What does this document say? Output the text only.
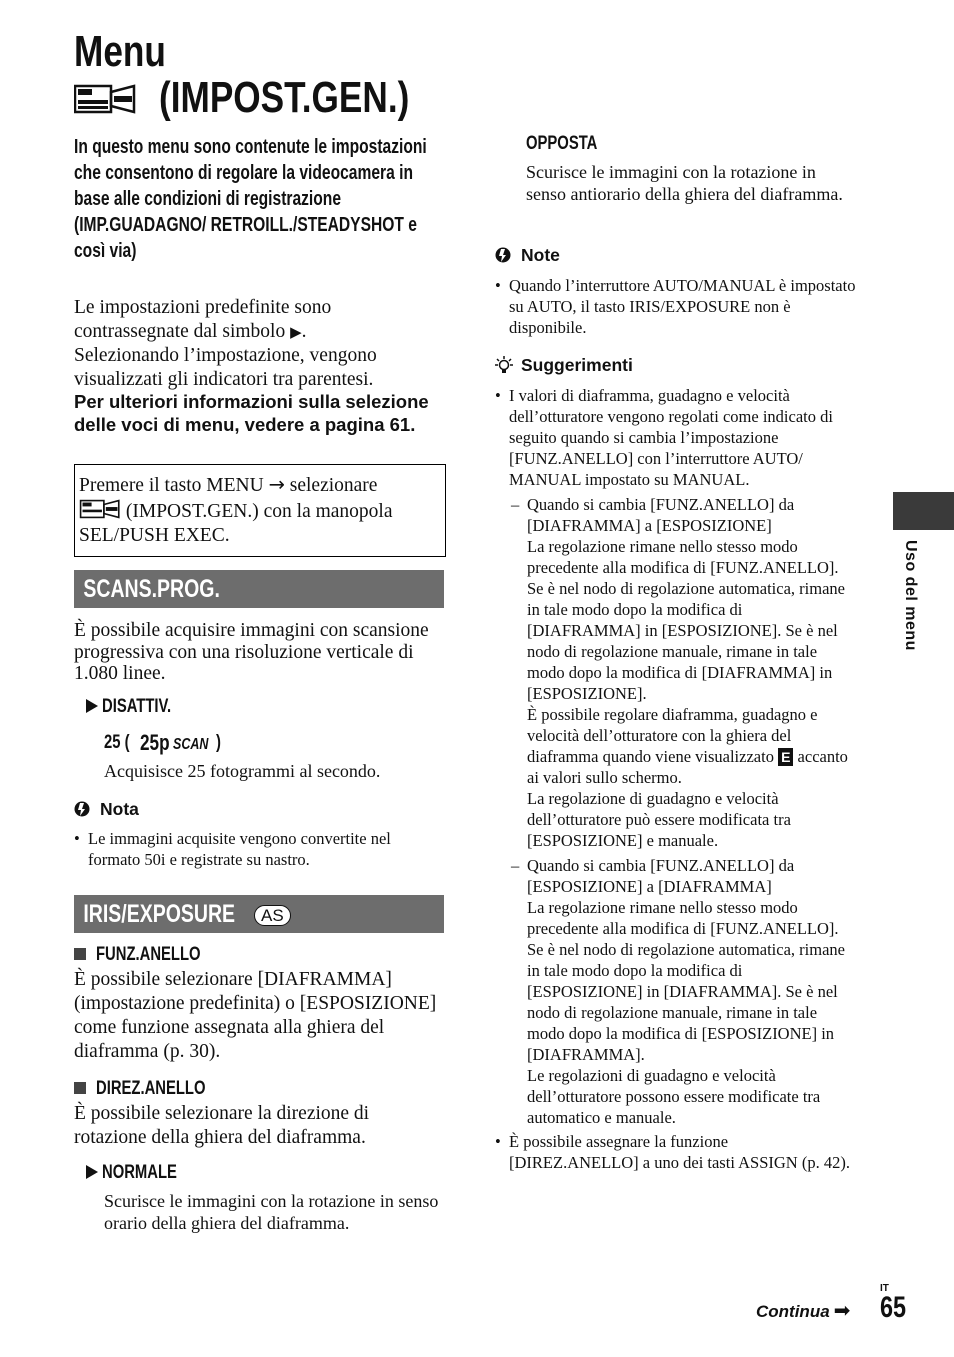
Menu
(IMPOST.GEN.)
In questo menu sono contenute le impostazioni che consentono di regolare la videocamera in base alle condizioni di registrazione (IMP.GUADAGNO/ RETROILL./STEADYSHOT e così via)
Le impostazioni predefinite sono contrassegnate dal simbolo ▶.
Selezionando l’impostazione, vengono visualizzati gli indicatori tra parentesi.
Per ulteriori informazioni sulla selezione delle voci di menu, vedere a pagina 61.
Premere il tasto MENU → selezionare
(IMPOST.GEN.) con la manopola SEL/PUSH EXEC.
SCANS.PROG.
È possibile acquisire immagini con scansione progressiva con una risoluzione verticale di 1.080 linee.
DISATTIV.
25 ( 25p SCAN )
Acquisisce 25 fotogrammi al secondo.
Nota
• Le immagini acquisite vengono convertite nel formato 50i e registrate su nastro.
IRIS/EXPOSURE	AS
FUNZ.ANELLO
È possibile selezionare [DIAFRAMMA] (impostazione predefinita) o [ESPOSIZIONE] come funzione assegnata alla ghiera del diaframma (p. 30).
DIREZ.ANELLO
È possibile selezionare la direzione di rotazione della ghiera del diaframma.
NORMALE
Scurisce le immagini con la rotazione in senso orario della ghiera del diaframma.
OPPOSTA
Scurisce le immagini con la rotazione in senso antiorario della ghiera del diaframma.
Note
• Quando l’interruttore AUTO/MANUAL è impostato su AUTO, il tasto IRIS/EXPOSURE non è disponibile.
Suggerimenti
• I valori di diaframma, guadagno e velocità dell’otturatore vengono regolati come indicato di seguito quando si cambia l’impostazione [FUNZ.ANELLO] con l’interruttore AUTO/ MANUAL impostato su MANUAL.
– Quando si cambia [FUNZ.ANELLO] da [DIAFRAMMA] a [ESPOSIZIONE]
La regolazione rimane nello stesso modo precedente alla modifica di [FUNZ.ANELLO]. Se è nel nodo di regolazione automatica, rimane in tale modo dopo la modifica di [DIAFRAMMA] in [ESPOSIZIONE]. Se è nel nodo di regolazione manuale, rimane in tale modo dopo la modifica di [DIAFRAMMA] in [ESPOSIZIONE].
È possibile regolare diaframma, guadagno e velocità dell’otturatore con la ghiera del diaframma quando viene visualizzato E accanto ai valori sullo schermo.
La regolazione di guadagno e velocità dell’otturatore può essere modificata tra [ESPOSIZIONE] e manuale.
– Quando si cambia [FUNZ.ANELLO] da [ESPOSIZIONE] a [DIAFRAMMA]
La regolazione rimane nello stesso modo precedente alla modifica di [FUNZ.ANELLO]. Se è nel nodo di regolazione automatica, rimane in tale modo dopo la modifica di [ESPOSIZIONE] in [DIAFRAMMA]. Se è nel nodo di regolazione manuale, rimane in tale modo dopo la modifica di [ESPOSIZIONE] in [DIAFRAMMA].
Le regolazioni di guadagno e velocità dell’otturatore possono essere modificate tra automatico e manuale.
• È possibile assegnare la funzione [DIREZ.ANELLO] a uno dei tasti ASSIGN (p. 42).
Uso del menu
Continua ➡
IT
65
